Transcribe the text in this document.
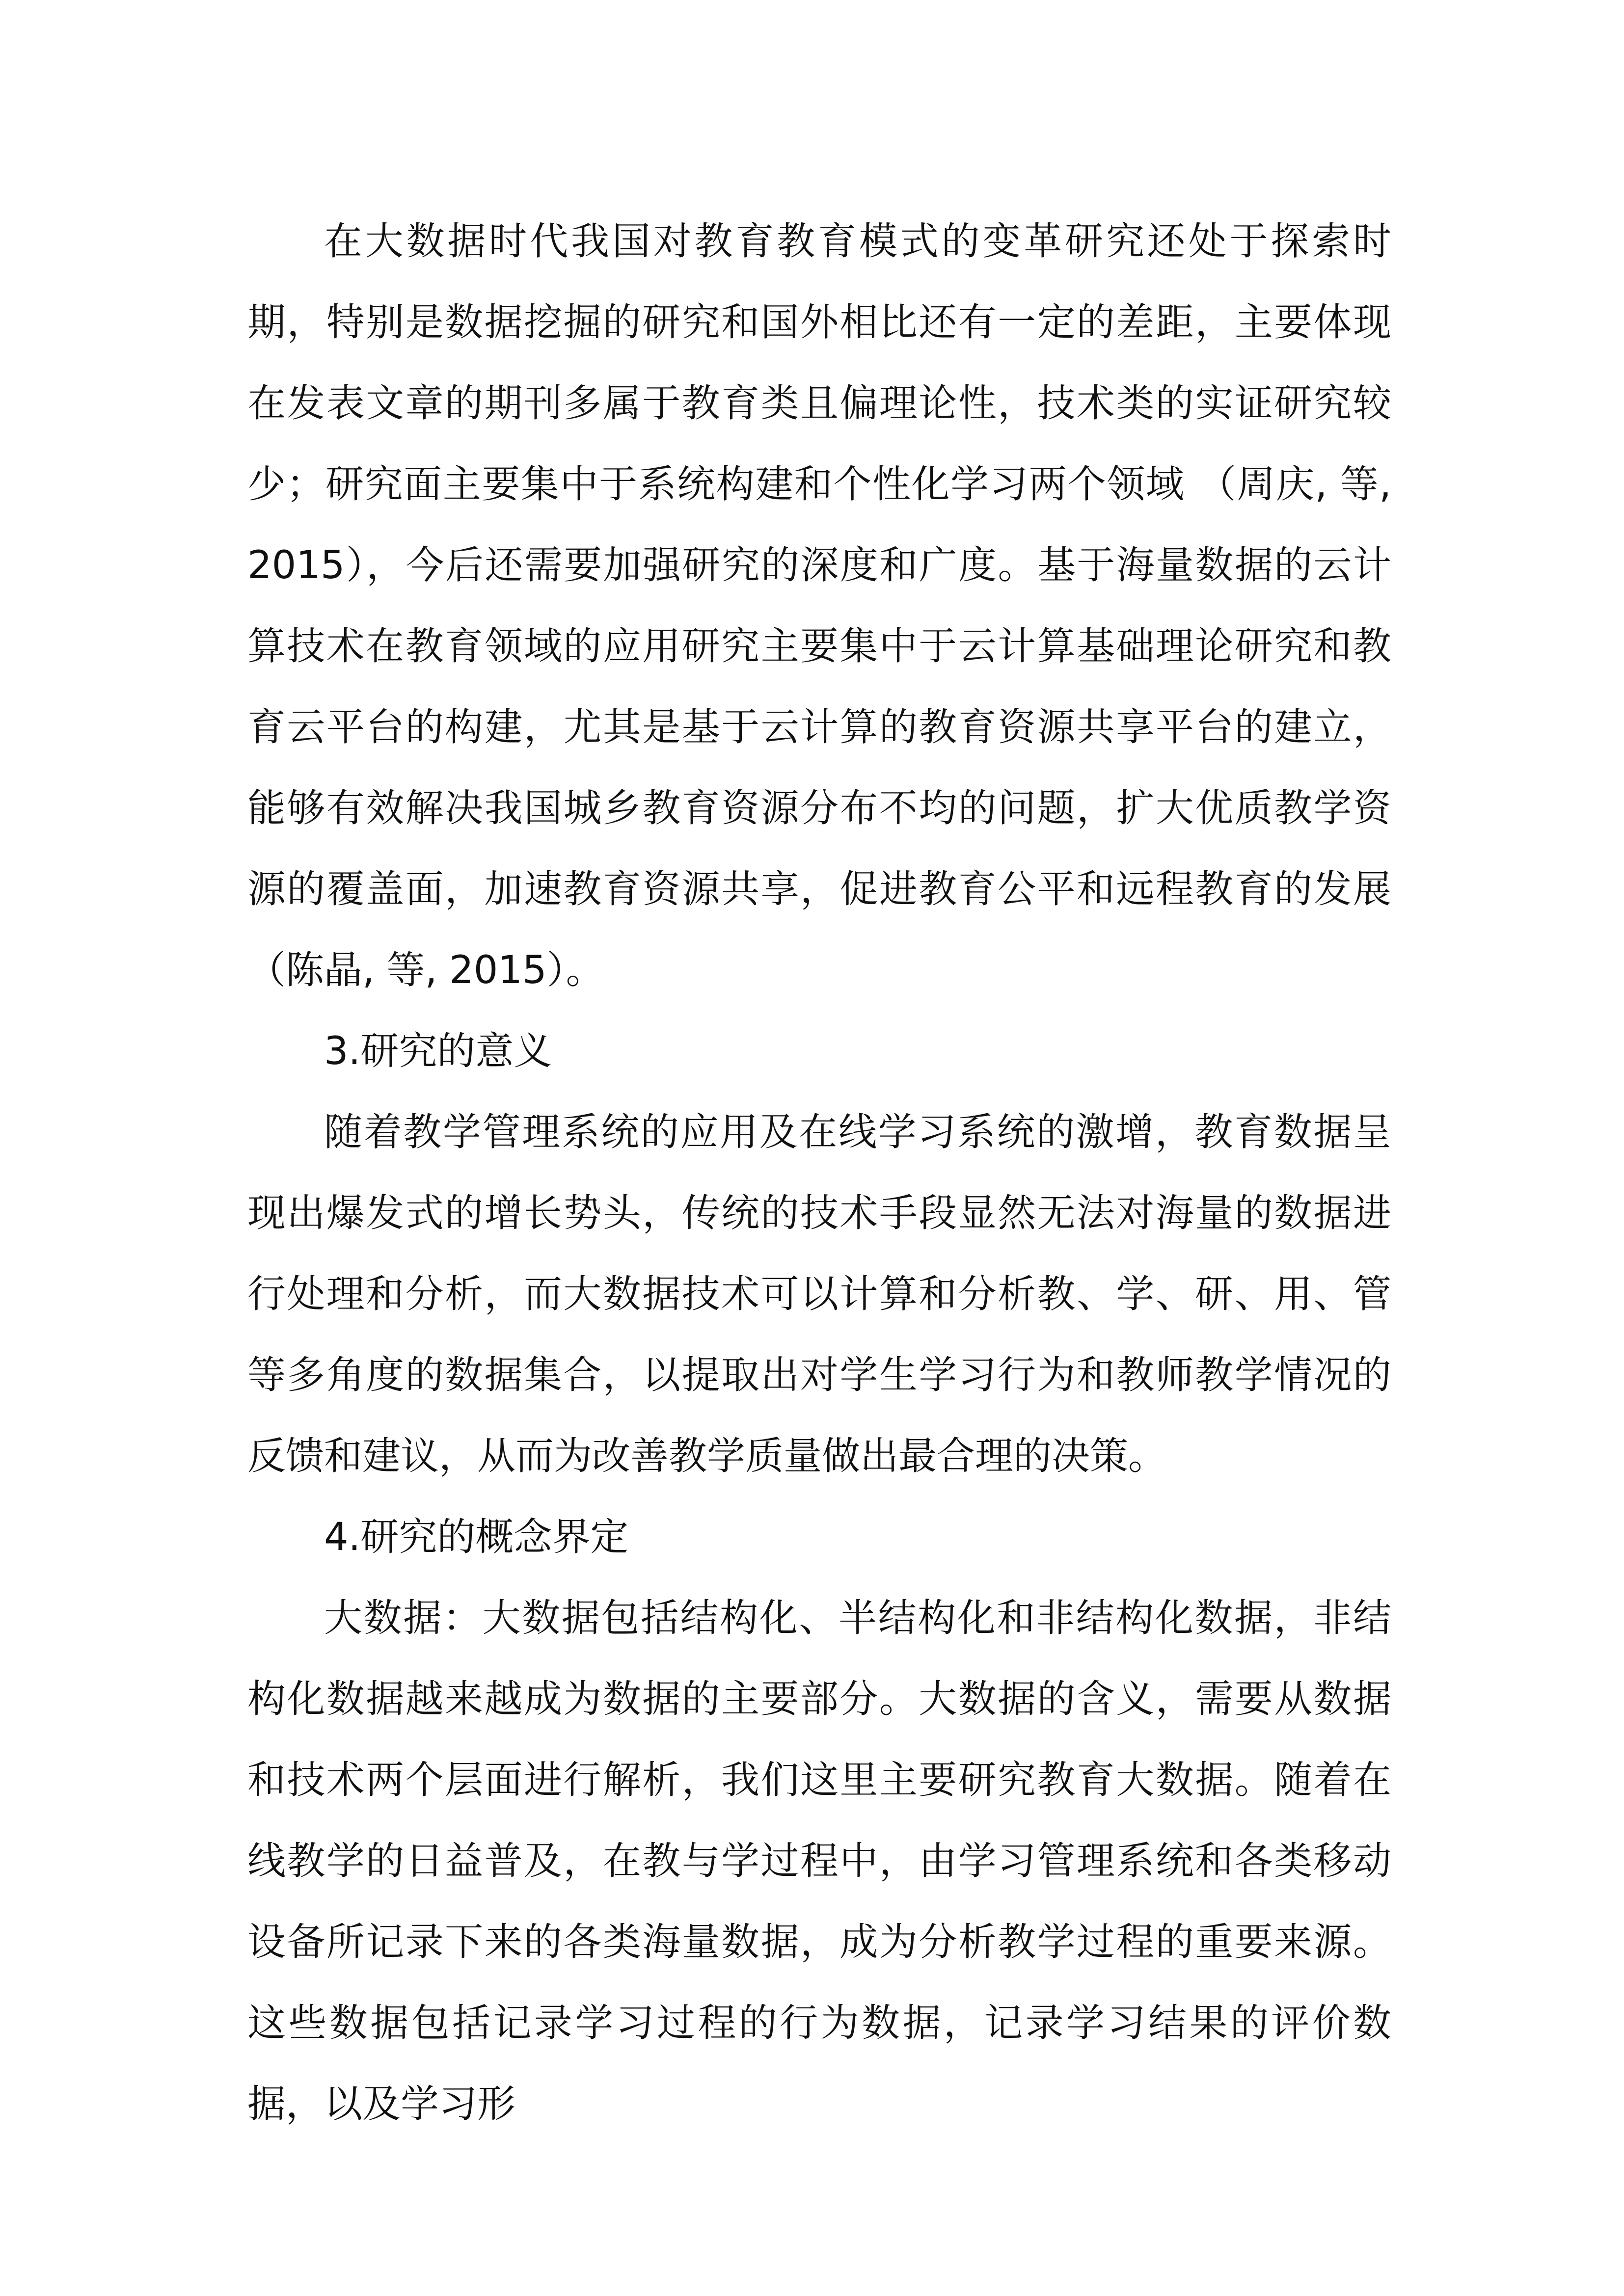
在大数据时代我国对教育教育模式的变革研究还处于探索时期，特别是数据挖掘的研究和国外相比还有一定的差距，主要体现在发表文章的期刊多属于教育类且偏理论性，技术类的实证研究较少；研究面主要集中于系统构建和个性化学习两个领域 （周庆, 等, 2015），今后还需要加强研究的深度和广度。基于海量数据的云计算技术在教育领域的应用研究主要集中于云计算基础理论研究和教育云平台的构建，尤其是基于云计算的教育资源共享平台的建立，能够有效解决我国城乡教育资源分布不均的问题，扩大优质教学资源的覆盖面，加速教育资源共享，促进教育公平和远程教育的发展（陈晶, 等, 2015）。

3.研究的意义

随着教学管理系统的应用及在线学习系统的激增，教育数据呈现出爆发式的增长势头，传统的技术手段显然无法对海量的数据进行处理和分析，而大数据技术可以计算和分析教、学、研、用、管等多角度的数据集合，以提取出对学生学习行为和教师教学情况的反馈和建议，从而为改善教学质量做出最合理的决策。

4.研究的概念界定

大数据：大数据包括结构化、半结构化和非结构化数据，非结构化数据越来越成为数据的主要部分。大数据的含义，需要从数据和技术两个层面进行解析，我们这里主要研究教育大数据。随着在线教学的日益普及，在教与学过程中，由学习管理系统和各类移动设备所记录下来的各类海量数据，成为分析教学过程的重要来源。这些数据包括记录学习过程的行为数据，记录学习结果的评价数据，以及学习形
